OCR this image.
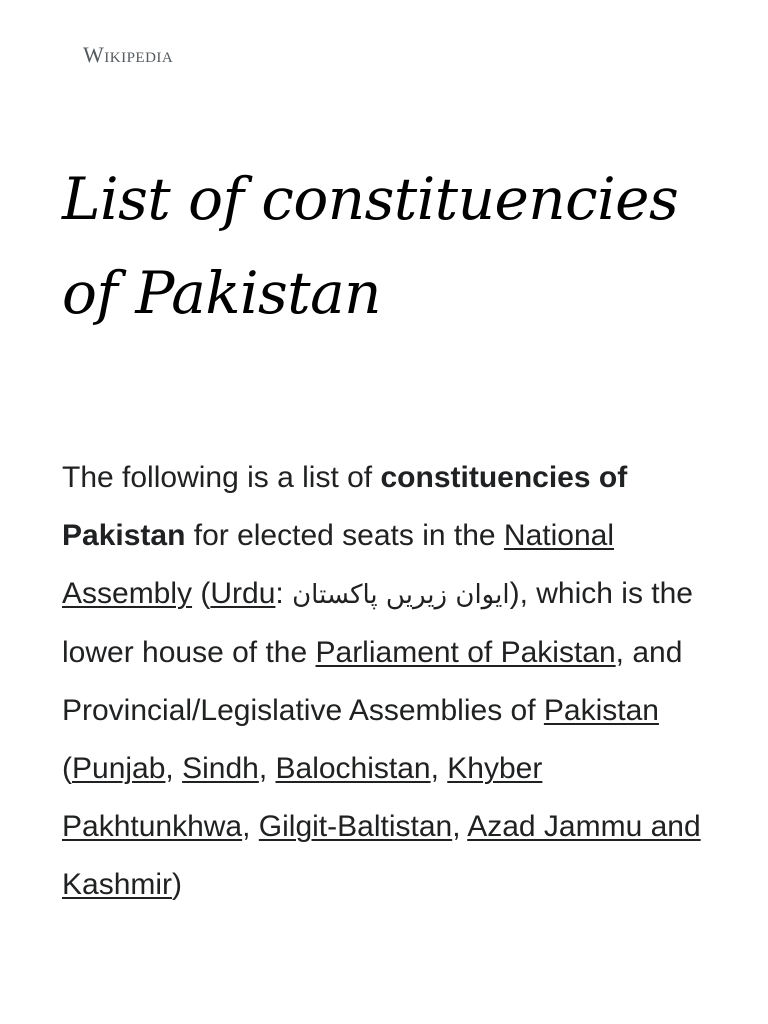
Wikipedia
List of constituencies
of Pakistan

The following is a list of constituencies of Pakistan for elected seats in the National Assembly (Urdu: ایوان زیریں پاکستان), which is the lower house of the Parliament of Pakistan, and Provincial/Legislative Assemblies of Pakistan (Punjab, Sindh, Balochistan, Khyber Pakhtunkhwa, Gilgit-Baltistan, Azad Jammu and Kashmir)
